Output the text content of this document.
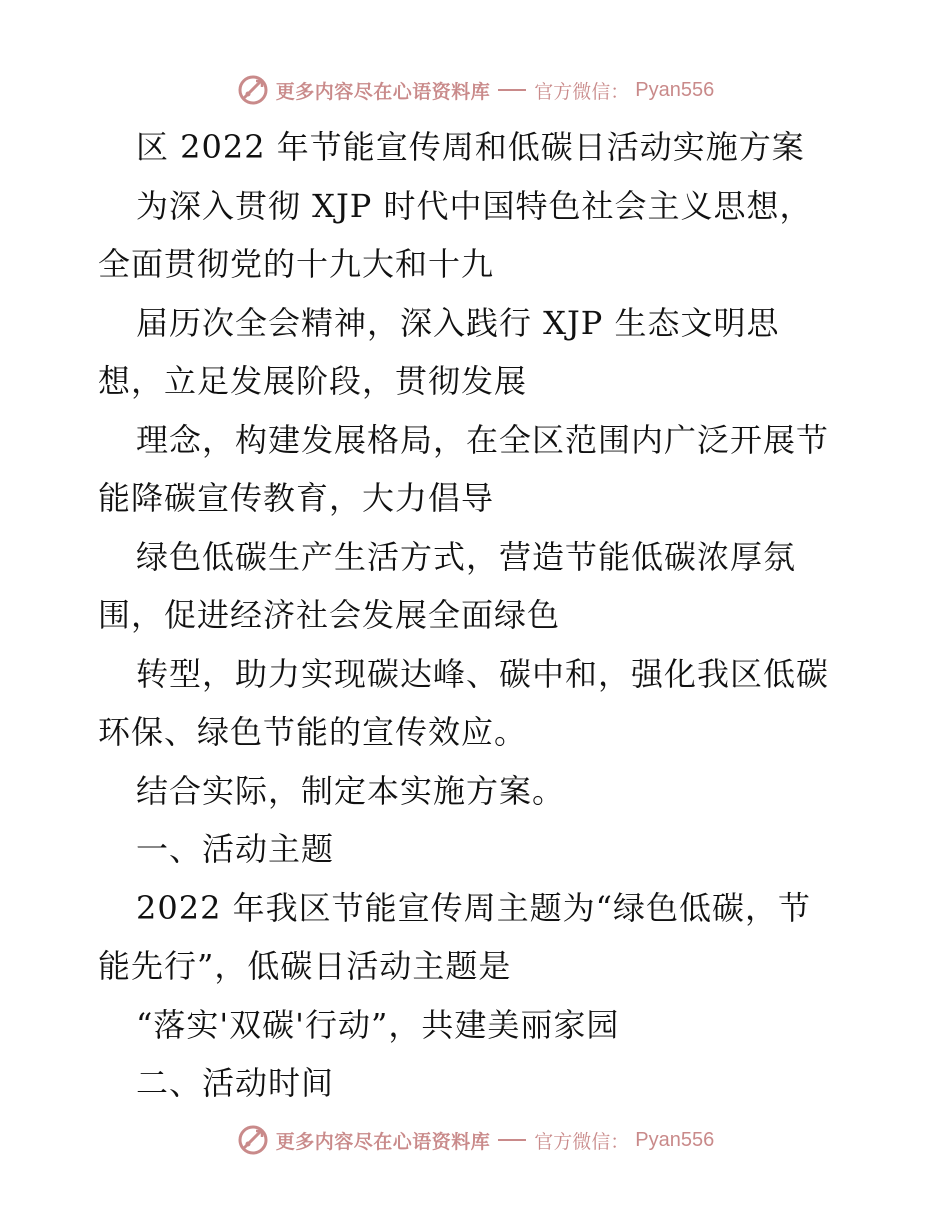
更多内容尽在心语资料库 官方微信： Pyan556
区 2022 年节能宣传周和低碳日活动实施方案
为深入贯彻 XJP 时代中国特色社会主义思想，
全面贯彻党的十九大和十九
届历次全会精神，深入践行 XJP 生态文明思
想，立足发展阶段，贯彻发展
理念，构建发展格局，在全区范围内广泛开展节
能降碳宣传教育，大力倡导
绿色低碳生产生活方式，营造节能低碳浓厚氛
围，促进经济社会发展全面绿色
转型，助力实现碳达峰、碳中和，强化我区低碳
环保、绿色节能的宣传效应。
结合实际，制定本实施方案。
一、活动主题
2022 年我区节能宣传周主题为“绿色低碳，节
能先行”，低碳日活动主题是
“落实'双碳'行动”，共建美丽家园
二、活动时间
更多内容尽在心语资料库 官方微信： Pyan556
